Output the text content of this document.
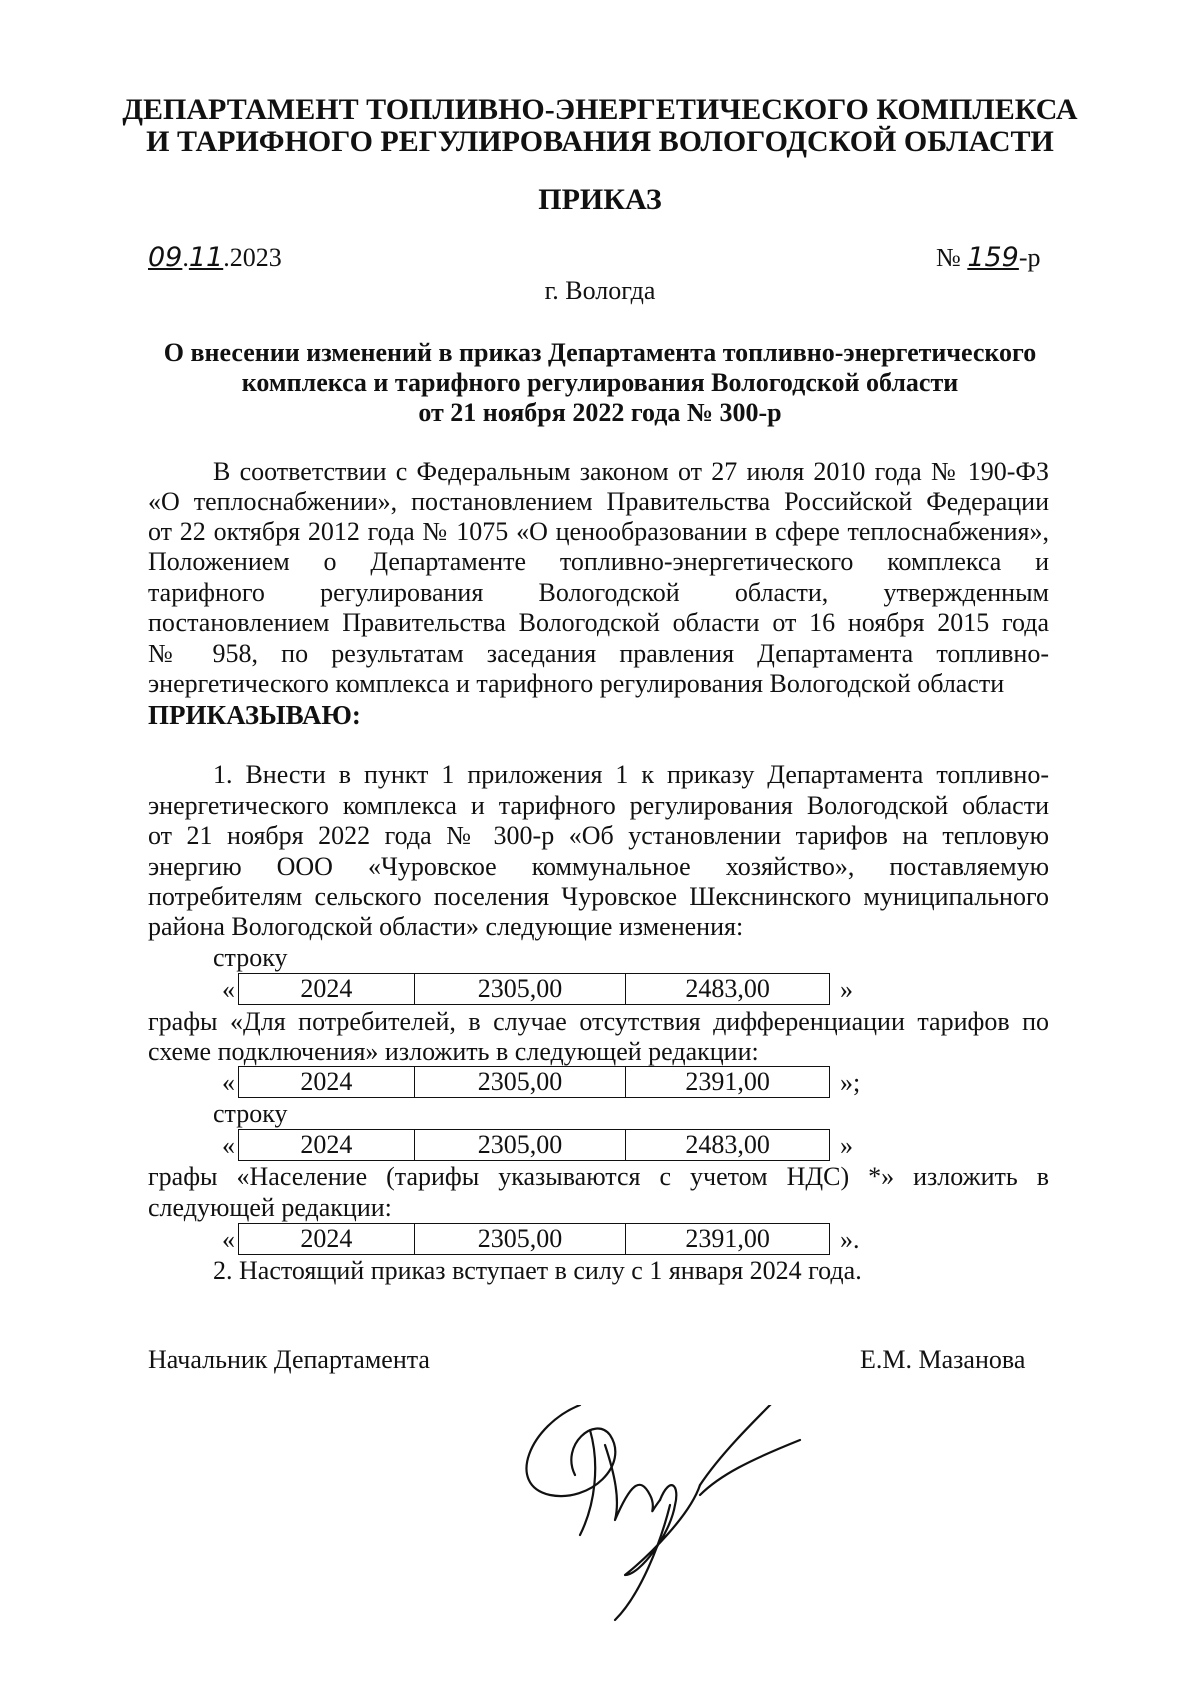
ДЕПАРТАМЕНТ ТОПЛИВНО-ЭНЕРГЕТИЧЕСКОГО КОМПЛЕКСА
И ТАРИФНОГО РЕГУЛИРОВАНИЯ ВОЛОГОДСКОЙ ОБЛАСТИ
ПРИКАЗ
09.11.2023	№ 159-р
г. Вологда
О внесении изменений в приказ Департамента топливно-энергетического
комплекса и тарифного регулирования Вологодской области
от 21 ноября 2022 года № 300-р
В соответствии с Федеральным законом от 27 июля 2010 года № 190-ФЗ
«О теплоснабжении», постановлением Правительства Российской Федерации
от 22 октября 2012 года № 1075 «О ценообразовании в сфере теплоснабжения»,
Положением о Департаменте топливно-энергетического комплекса и
тарифного регулирования Вологодской области, утвержденным
постановлением Правительства Вологодской области от 16 ноября 2015 года
№ 958, по результатам заседания правления Департамента топливно-
энергетического комплекса и тарифного регулирования Вологодской области
ПРИКАЗЫВАЮ:
1. Внести в пункт 1 приложения 1 к приказу Департамента топливно-
энергетического комплекса и тарифного регулирования Вологодской области
от 21 ноября 2022 года № 300-р «Об установлении тарифов на тепловую
энергию ООО «Чуровское коммунальное хозяйство», поставляемую
потребителям сельского поселения Чуровское Шекснинского муниципального
района Вологодской области» следующие изменения:
строку
«	2024	2305,00	2483,00	»
графы «Для потребителей, в случае отсутствия дифференциации тарифов по
схеме подключения» изложить в следующей редакции:
«	2024	2305,00	2391,00	»;
строку
«	2024	2305,00	2483,00	»
графы «Население (тарифы указываются с учетом НДС) *» изложить в
следующей редакции:
«	2024	2305,00	2391,00	».
2. Настоящий приказ вступает в силу с 1 января 2024 года.
Начальник Департамента	Е.М. Мазанова
